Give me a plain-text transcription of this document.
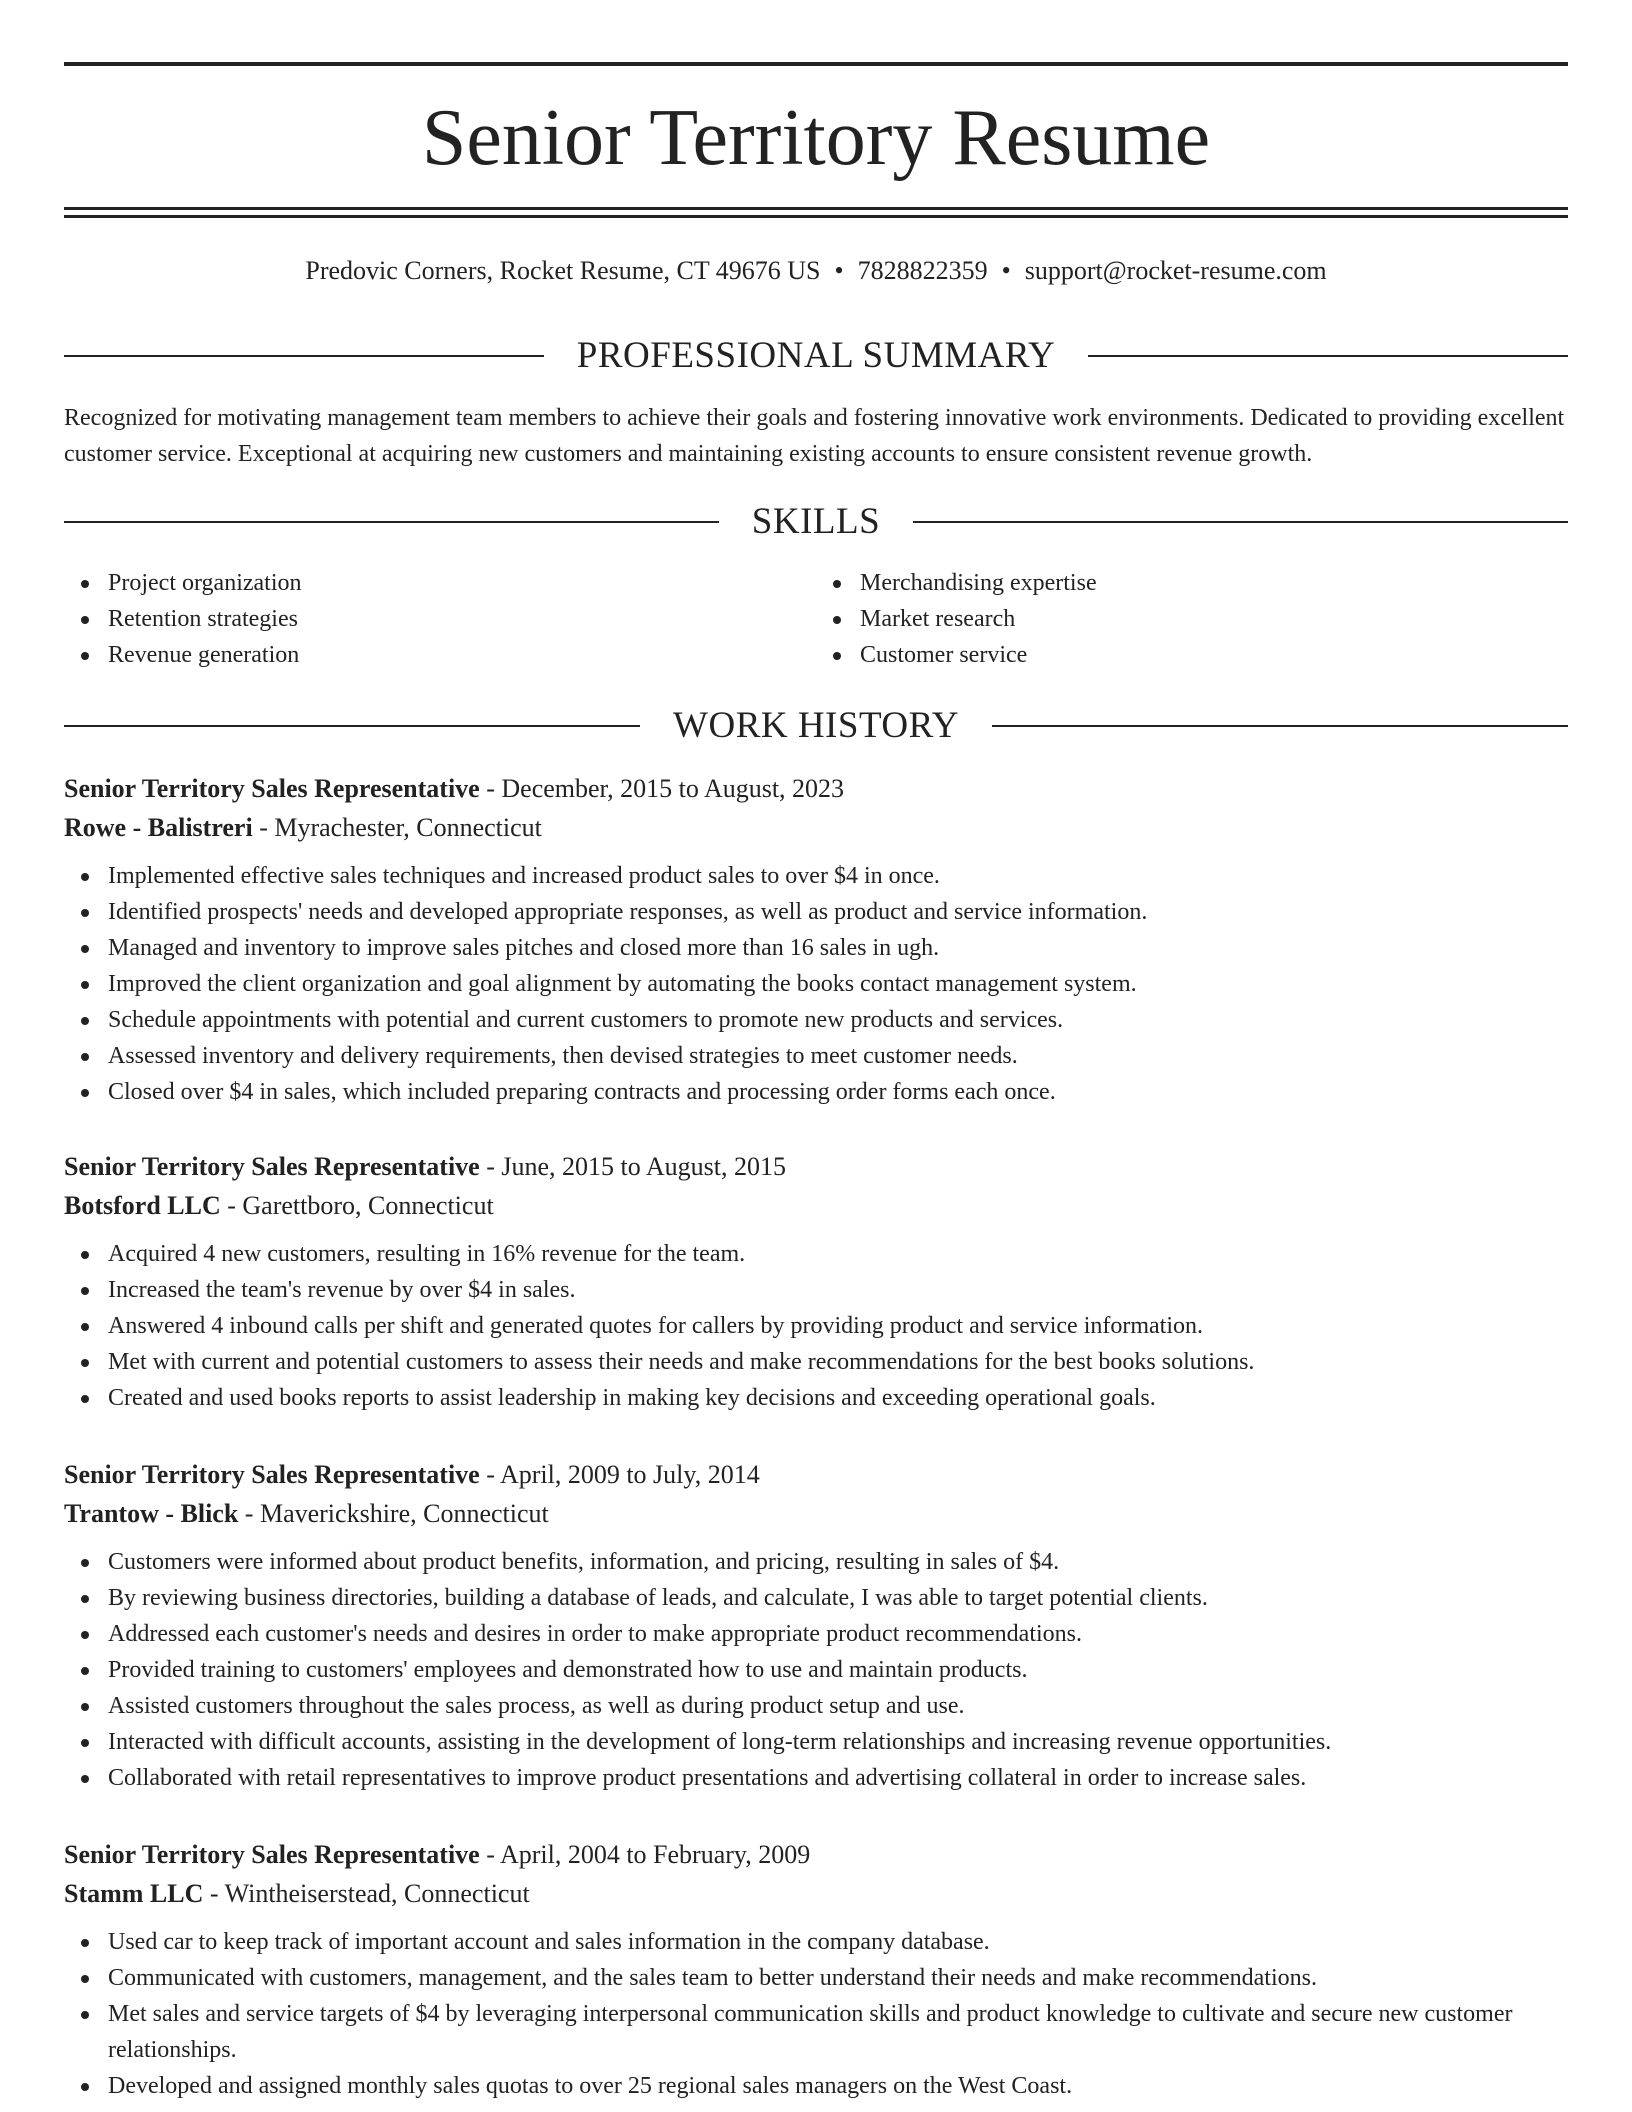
Senior Territory Resume
Predovic Corners, Rocket Resume, CT 49676 US • 7828822359 • support@rocket-resume.com
PROFESSIONAL SUMMARY

Recognized for motivating management team members to achieve their goals and fostering innovative work environments. Dedicated to providing excellent customer service. Exceptional at acquiring new customers and maintaining existing accounts to ensure consistent revenue growth.

SKILLS
Project organization
Retention strategies
Revenue generation
Merchandising expertise
Market research
Customer service
WORK HISTORY

Senior Territory Sales Representative - December, 2015 to August, 2023

Rowe - Balistreri - Myrachester, Connecticut

Implemented effective sales techniques and increased product sales to over $4 in once.
Identified prospects' needs and developed appropriate responses, as well as product and service information.
Managed and inventory to improve sales pitches and closed more than 16 sales in ugh.
Improved the client organization and goal alignment by automating the books contact management system.
Schedule appointments with potential and current customers to promote new products and services.
Assessed inventory and delivery requirements, then devised strategies to meet customer needs.
Closed over $4 in sales, which included preparing contracts and processing order forms each once.

Senior Territory Sales Representative - June, 2015 to August, 2015

Botsford LLC - Garettboro, Connecticut

Acquired 4 new customers, resulting in 16% revenue for the team.
Increased the team's revenue by over $4 in sales.
Answered 4 inbound calls per shift and generated quotes for callers by providing product and service information.
Met with current and potential customers to assess their needs and make recommendations for the best books solutions.
Created and used books reports to assist leadership in making key decisions and exceeding operational goals.

Senior Territory Sales Representative - April, 2009 to July, 2014

Trantow - Blick - Maverickshire, Connecticut

Customers were informed about product benefits, information, and pricing, resulting in sales of $4.
By reviewing business directories, building a database of leads, and calculate, I was able to target potential clients.
Addressed each customer's needs and desires in order to make appropriate product recommendations.
Provided training to customers' employees and demonstrated how to use and maintain products.
Assisted customers throughout the sales process, as well as during product setup and use.
Interacted with difficult accounts, assisting in the development of long-term relationships and increasing revenue opportunities.
Collaborated with retail representatives to improve product presentations and advertising collateral in order to increase sales.

Senior Territory Sales Representative - April, 2004 to February, 2009

Stamm LLC - Wintheiserstead, Connecticut

Used car to keep track of important account and sales information in the company database.
Communicated with customers, management, and the sales team to better understand their needs and make recommendations.
Met sales and service targets of $4 by leveraging interpersonal communication skills and product knowledge to cultivate and secure new customer relationships.
Developed and assigned monthly sales quotas to over 25 regional sales managers on the West Coast.
